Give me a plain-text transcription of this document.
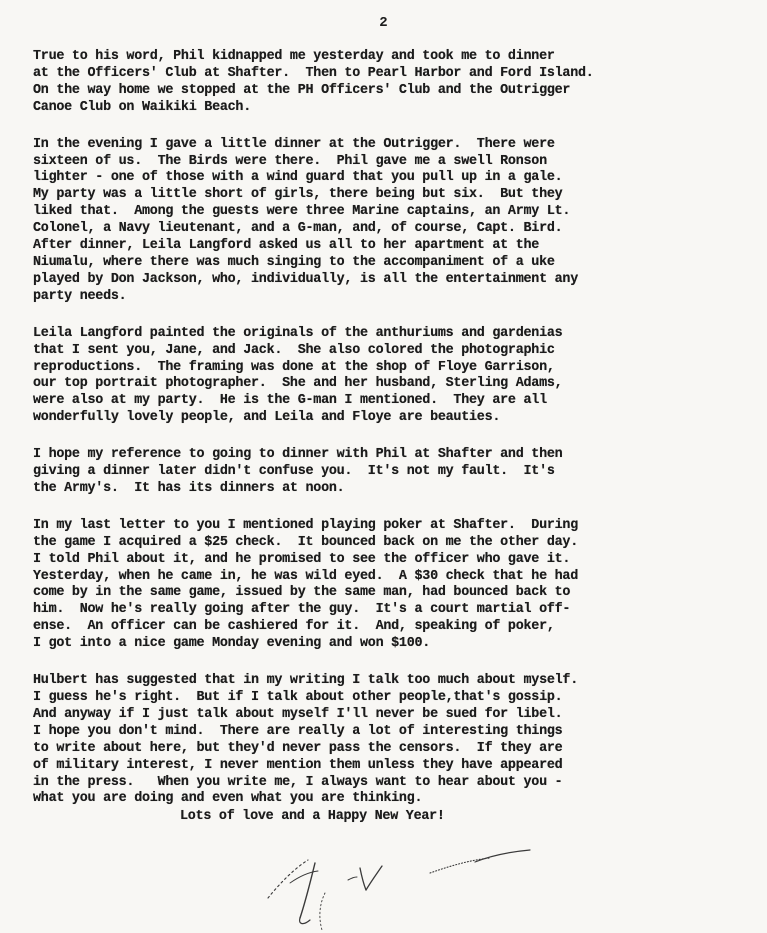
2
True to his word, Phil kidnapped me yesterday and took me to dinner
at the Officers' Club at Shafter.  Then to Pearl Harbor and Ford Island.
On the way home we stopped at the PH Officers' Club and the Outrigger
Canoe Club on Waikiki Beach.
In the evening I gave a little dinner at the Outrigger.  There were
sixteen of us.  The Birds were there.  Phil gave me a swell Ronson
lighter - one of those with a wind guard that you pull up in a gale.
My party was a little short of girls, there being but six.  But they
liked that.  Among the guests were three Marine captains, an Army Lt.
Colonel, a Navy lieutenant, and a G-man, and, of course, Capt. Bird.
After dinner, Leila Langford asked us all to her apartment at the
Niumalu, where there was much singing to the accompaniment of a uke
played by Don Jackson, who, individually, is all the entertainment any
party needs.
Leila Langford painted the originals of the anthuriums and gardenias
that I sent you, Jane, and Jack.  She also colored the photographic
reproductions.  The framing was done at the shop of Floye Garrison,
our top portrait photographer.  She and her husband, Sterling Adams,
were also at my party.  He is the G-man I mentioned.  They are all
wonderfully lovely people, and Leila and Floye are beauties.
I hope my reference to going to dinner with Phil at Shafter and then
giving a dinner later didn't confuse you.  It's not my fault.  It's
the Army's.  It has its dinners at noon.
In my last letter to you I mentioned playing poker at Shafter.  During
the game I acquired a $25 check.  It bounced back on me the other day.
I told Phil about it, and he promised to see the officer who gave it.
Yesterday, when he came in, he was wild eyed.  A $30 check that he had
come by in the same game, issued by the same man, had bounced back to
him.  Now he's really going after the guy.  It's a court martial off-
ense.  An officer can be cashiered for it.  And, speaking of poker,
I got into a nice game Monday evening and won $100.
Hulbert has suggested that in my writing I talk too much about myself.
I guess he's right.  But if I talk about other people,that's gossip.
And anyway if I just talk about myself I'll never be sued for libel.
I hope you don't mind.  There are really a lot of interesting things
to write about here, but they'd never pass the censors.  If they are
of military interest, I never mention them unless they have appeared
in the press.   When you write me, I always want to hear about you -
what you are doing and even what you are thinking.
Lots of love and a Happy New Year!
